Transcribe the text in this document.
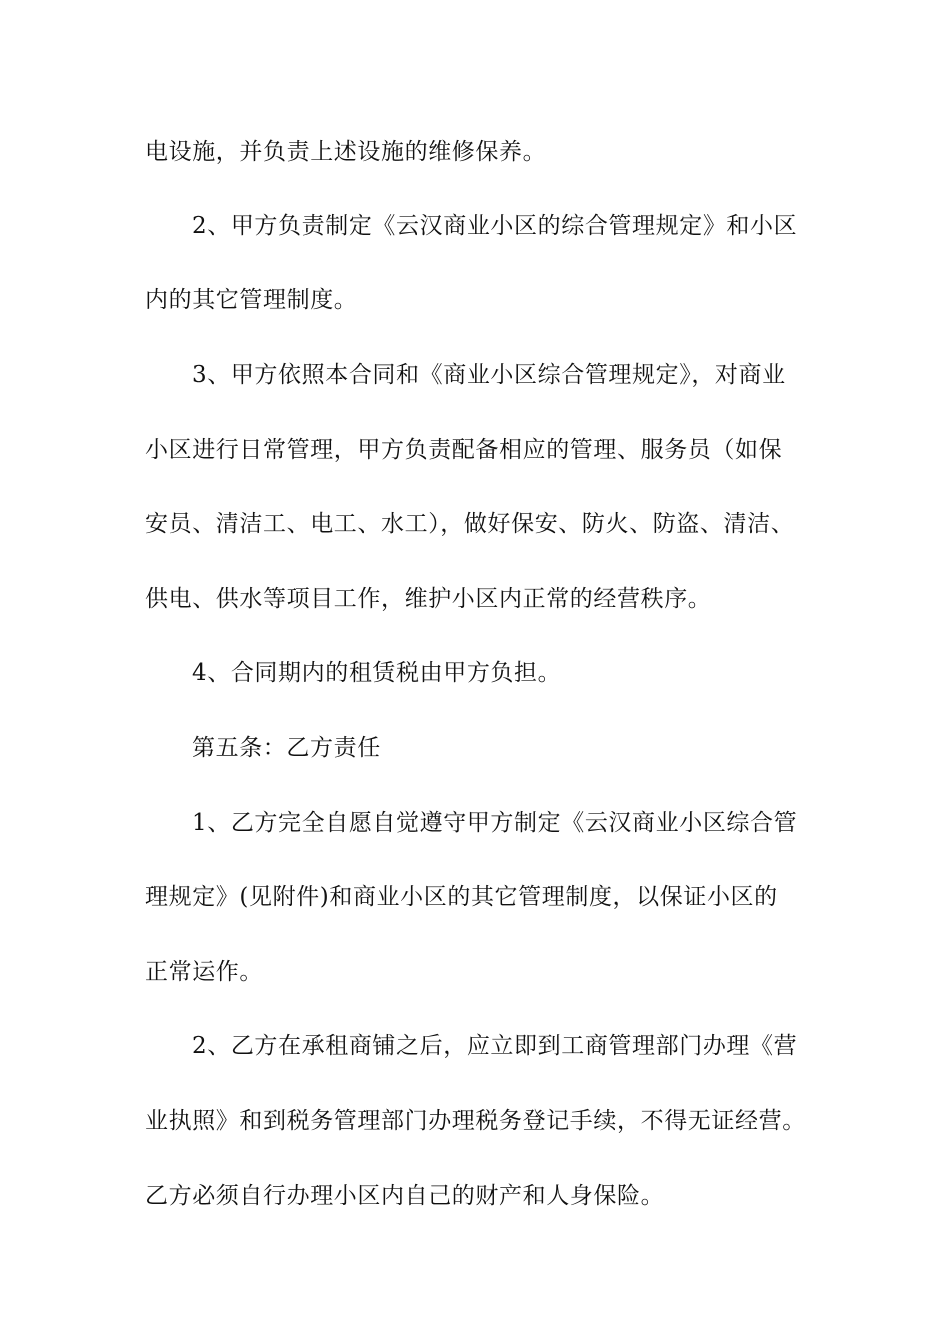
电设施，并负责上述设施的维修保养。
2、甲方负责制定《云汉商业小区的综合管理规定》和小区
内的其它管理制度。
3、甲方依照本合同和《商业小区综合管理规定》，对商业
小区进行日常管理，甲方负责配备相应的管理、服务员（如保
安员、清洁工、电工、水工），做好保安、防火、防盗、清洁、
供电、供水等项目工作，维护小区内正常的经营秩序。
4、合同期内的租赁税由甲方负担。
第五条：乙方责任
1、乙方完全自愿自觉遵守甲方制定《云汉商业小区综合管
理规定》(见附件)和商业小区的其它管理制度，以保证小区的
正常运作。
2、乙方在承租商铺之后，应立即到工商管理部门办理《营
业执照》和到税务管理部门办理税务登记手续，不得无证经营。
乙方必须自行办理小区内自己的财产和人身保险。
